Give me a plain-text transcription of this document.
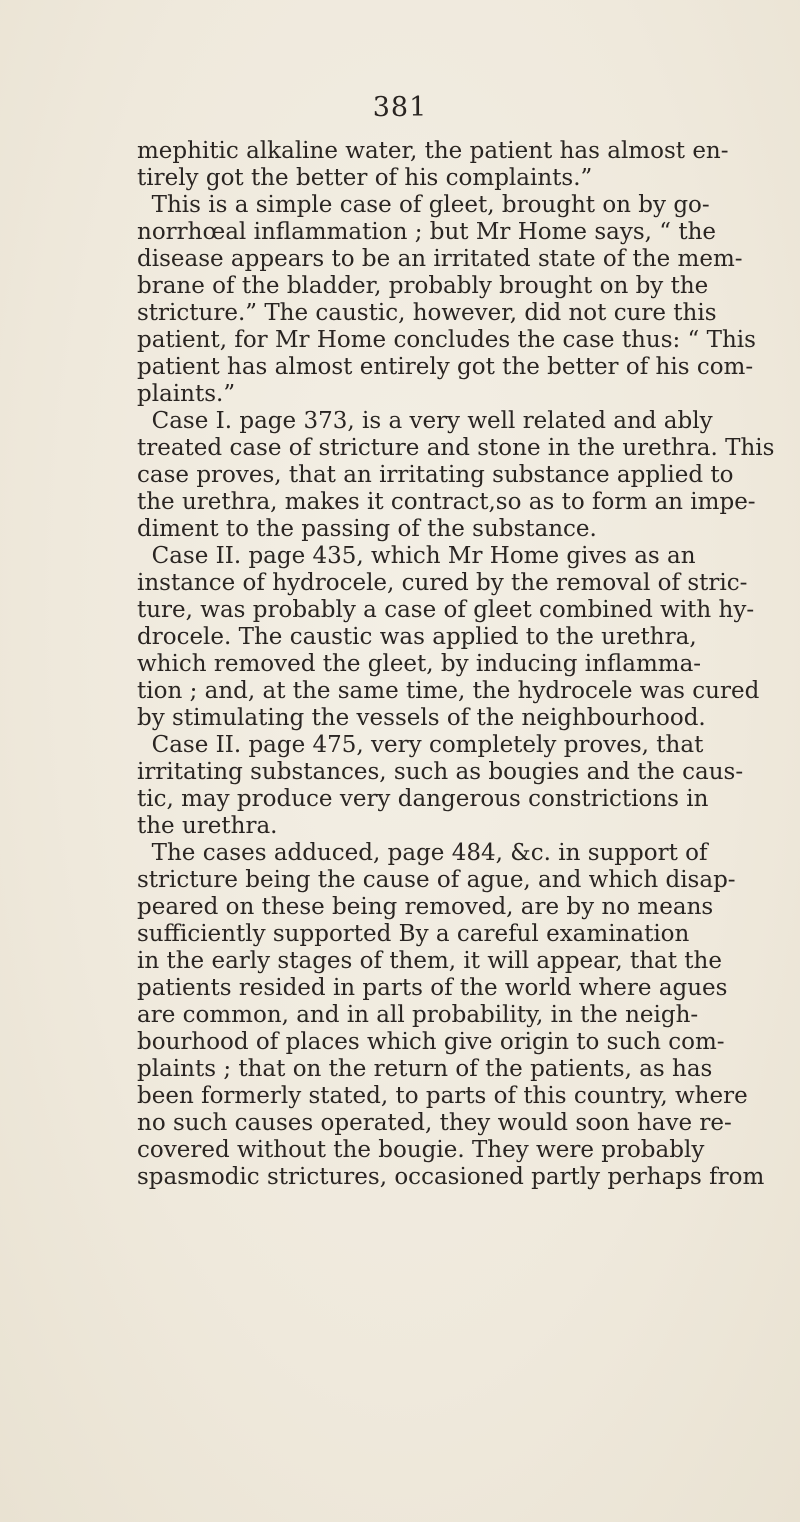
381
mephitic alkaline water, the patient has almost en-
tirely got the better of his complaints.”
This is a simple case of gleet, brought on by go-
norrhœal inflammation ; but Mr Home says, “ the
disease appears to be an irritated state of the mem-
brane of the bladder, probably brought on by the
stricture.” The caustic, however, did not cure this
patient, for Mr Home concludes the case thus: “ This
patient has almost entirely got the better of his com-
plaints.”
Case I. page 373, is a very well related and ably
treated case of stricture and stone in the urethra. This
case proves, that an irritating substance applied to
the urethra, makes it contract,so as to form an impe-
diment to the passing of the substance.
Case II. page 435, which Mr Home gives as an
instance of hydrocele, cured by the removal of stric-
ture, was probably a case of gleet combined with hy-
drocele. The caustic was applied to the urethra,
which removed the gleet, by inducing inflamma-
tion ; and, at the same time, the hydrocele was cured
by stimulating the vessels of the neighbourhood.
Case II. page 475, very completely proves, that
irritating substances, such as bougies and the caus-
tic, may produce very dangerous constrictions in
the urethra.
The cases adduced, page 484, &c. in support of
stricture being the cause of ague, and which disap-
peared on these being removed, are by no means
sufficiently supported By a careful examination
in the early stages of them, it will appear, that the
patients resided in parts of the world where agues
are common, and in all probability, in the neigh-
bourhood of places which give origin to such com-
plaints ; that on the return of the patients, as has
been formerly stated, to parts of this country, where
no such causes operated, they would soon have re-
covered without the bougie. They were probably
spasmodic strictures, occasioned partly perhaps from
